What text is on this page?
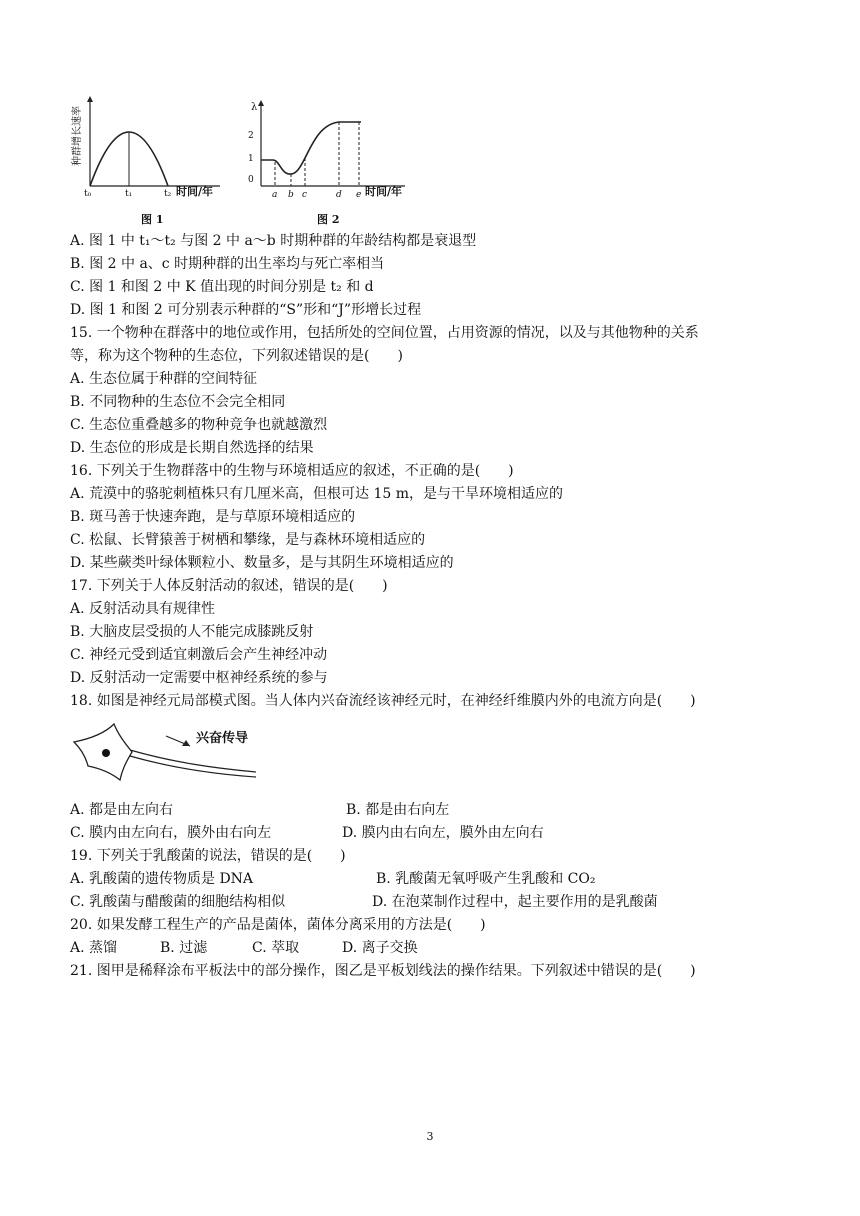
种群增长速率
t₀	t₁	t₂ 时间/年
图 1
λ
0
1
2
a b c	d e 时间/年
图 2
A. 图 1 中 t₁～t₂ 与图 2 中 a～b 时期种群的年龄结构都是衰退型
B. 图 2 中 a、c 时期种群的出生率均与死亡率相当
C. 图 1 和图 2 中 K 值出现的时间分别是 t₂ 和 d
D. 图 1 和图 2 可分别表示种群的“S”形和“J”形增长过程
15. 一个物种在群落中的地位或作用，包括所处的空间位置，占用资源的情况，以及与其他物种的关系
等，称为这个物种的生态位，下列叙述错误的是(　　)
A. 生态位属于种群的空间特征
B. 不同物种的生态位不会完全相同
C. 生态位重叠越多的物种竞争也就越激烈
D. 生态位的形成是长期自然选择的结果
16. 下列关于生物群落中的生物与环境相适应的叙述，不正确的是(　　)
A. 荒漠中的骆驼刺植株只有几厘米高，但根可达 15 m，是与干旱环境相适应的
B. 斑马善于快速奔跑，是与草原环境相适应的
C. 松鼠、长臂猿善于树栖和攀缘，是与森林环境相适应的
D. 某些蕨类叶绿体颗粒小、数量多，是与其阴生环境相适应的
17. 下列关于人体反射活动的叙述，错误的是(　　)
A. 反射活动具有规律性
B. 大脑皮层受损的人不能完成膝跳反射
C. 神经元受到适宜刺激后会产生神经冲动
D. 反射活动一定需要中枢神经系统的参与
18. 如图是神经元局部模式图。当人体内兴奋流经该神经元时，在神经纤维膜内外的电流方向是(　　)
A. 都是由左向右	B. 都是由右向左
C. 膜内由左向右，膜外由右向左	D. 膜内由右向左，膜外由左向右
19. 下列关于乳酸菌的说法，错误的是(　　)
A. 乳酸菌的遗传物质是 DNA	B. 乳酸菌无氧呼吸产生乳酸和 CO₂
C. 乳酸菌与醋酸菌的细胞结构相似	D. 在泡菜制作过程中，起主要作用的是乳酸菌
20. 如果发酵工程生产的产品是菌体，菌体分离采用的方法是(　　)
A. 蒸馏	B. 过滤	C. 萃取	D. 离子交换
21. 图甲是稀释涂布平板法中的部分操作，图乙是平板划线法的操作结果。下列叙述中错误的是(　　)
兴奋传导
3
